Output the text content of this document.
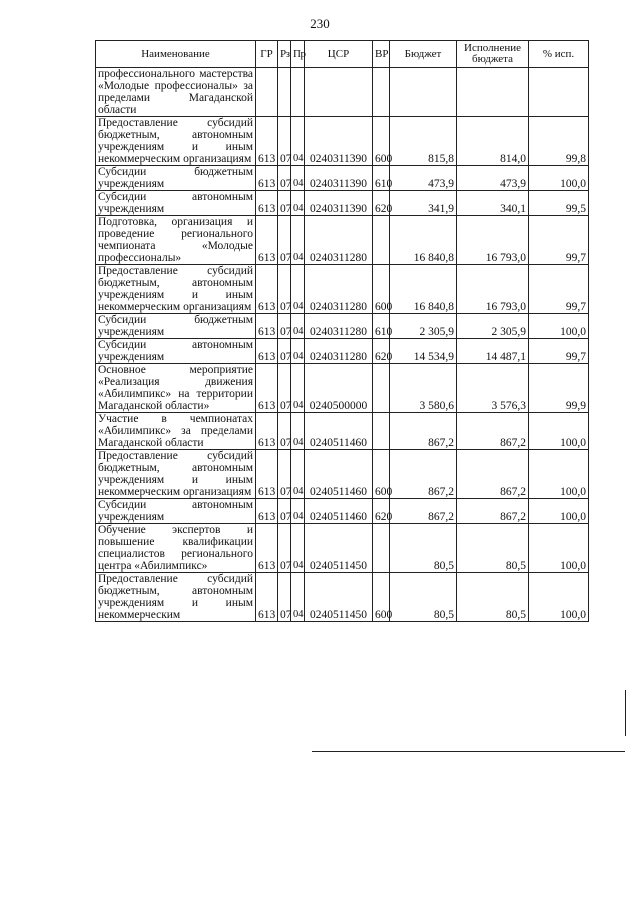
230
Наименование	ГР	Рз	Пр	ЦСР	ВР	Бюджет	Исполнение бюджета	% исп.
профессионального мастерства «Молодые профессионалы» за пределами Магаданской области								
Предоставление субсидий бюджетным, автономным учреждениям и иным некоммерческим организациям	613	07	04	0240311390	600	815,8	814,0	99,8
Субсидии бюджетным учреждениям	613	07	04	0240311390	610	473,9	473,9	100,0
Субсидии автономным учреждениям	613	07	04	0240311390	620	341,9	340,1	99,5
Подготовка, организация и проведение регионального чемпионата «Молодые профессионалы»	613	07	04	0240311280		16 840,8	16 793,0	99,7
Предоставление субсидий бюджетным, автономным учреждениям и иным некоммерческим организациям	613	07	04	0240311280	600	16 840,8	16 793,0	99,7
Субсидии бюджетным учреждениям	613	07	04	0240311280	610	2 305,9	2 305,9	100,0
Субсидии автономным учреждениям	613	07	04	0240311280	620	14 534,9	14 487,1	99,7
Основное мероприятие «Реализация движения «Абилимпикс» на территории Магаданской области»	613	07	04	0240500000		3 580,6	3 576,3	99,9
Участие в чемпионатах «Абилимпикс» за пределами Магаданской области	613	07	04	0240511460		867,2	867,2	100,0
Предоставление субсидий бюджетным, автономным учреждениям и иным некоммерческим организациям	613	07	04	0240511460	600	867,2	867,2	100,0
Субсидии автономным учреждениям	613	07	04	0240511460	620	867,2	867,2	100,0
Обучение экспертов и повышение квалификации специалистов регионального центра «Абилимпикс»	613	07	04	0240511450		80,5	80,5	100,0
Предоставление субсидий бюджетным, автономным учреждениям и иным некоммерческим	613	07	04	0240511450	600	80,5	80,5	100,0
